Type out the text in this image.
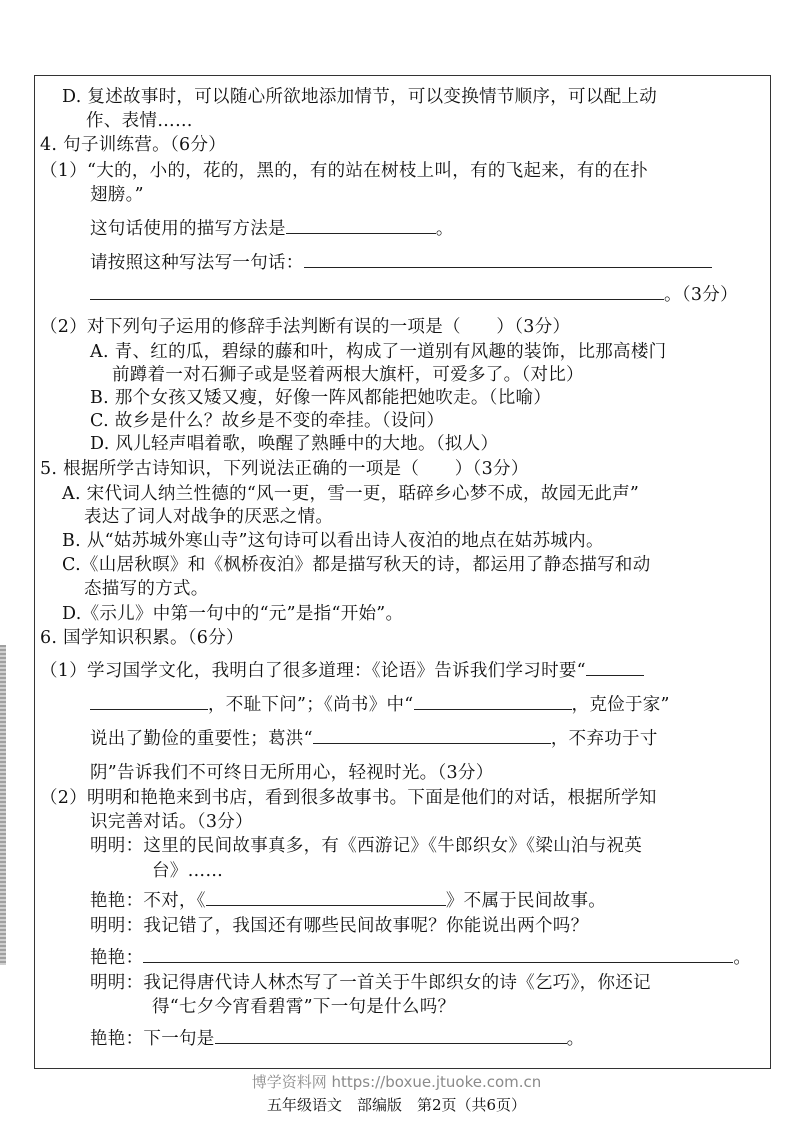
D. 复述故事时，可以随心所欲地添加情节，可以变换情节顺序，可以配上动
作、表情……
4. 句子训练营。（6分）
（1）“大的，小的，花的，黑的，有的站在树枝上叫，有的飞起来，有的在扑
翅膀。”
这句话使用的描写方法是	。
请按照这种写法写一句话：
。（3分）
（2）对下列句子运用的修辞手法判断有误的一项是（　　）（3分）
A. 青、红的瓜，碧绿的藤和叶，构成了一道别有风趣的装饰，比那高楼门
前蹲着一对石狮子或是竖着两根大旗杆，可爱多了。（对比）
B. 那个女孩又矮又瘦，好像一阵风都能把她吹走。（比喻）
C. 故乡是什么？故乡是不变的牵挂。（设问）
D. 风儿轻声唱着歌，唤醒了熟睡中的大地。（拟人）
5. 根据所学古诗知识，下列说法正确的一项是（　　）（3分）
A. 宋代词人纳兰性德的“风一更，雪一更，聒碎乡心梦不成，故园无此声”
表达了词人对战争的厌恶之情。
B. 从“姑苏城外寒山寺”这句诗可以看出诗人夜泊的地点在姑苏城内。
C.《山居秋暝》和《枫桥夜泊》都是描写秋天的诗，都运用了静态描写和动
态描写的方式。
D.《示儿》中第一句中的“元”是指“开始”。
6. 国学知识积累。（6分）
（1）学习国学文化，我明白了很多道理：《论语》告诉我们学习时要“
，不耻下问”；《尚书》中“	，克俭于家”
说出了勤俭的重要性；葛洪“	，不弃功于寸
阴”告诉我们不可终日无所用心，轻视时光。（3分）
（2）明明和艳艳来到书店，看到很多故事书。下面是他们的对话，根据所学知
识完善对话。（3分）
明明：这里的民间故事真多，有《西游记》《牛郎织女》《梁山泊与祝英
台》……
艳艳：不对，《	》不属于民间故事。
明明：我记错了，我国还有哪些民间故事呢？你能说出两个吗？
艳艳：	。
明明：我记得唐代诗人林杰写了一首关于牛郎织女的诗《乞巧》，你还记
得“七夕今宵看碧霄”下一句是什么吗？
艳艳：下一句是	。
博学资料网 https://boxue.jtuoke.com.cn
五年级语文　部编版　第2页（共6页）
